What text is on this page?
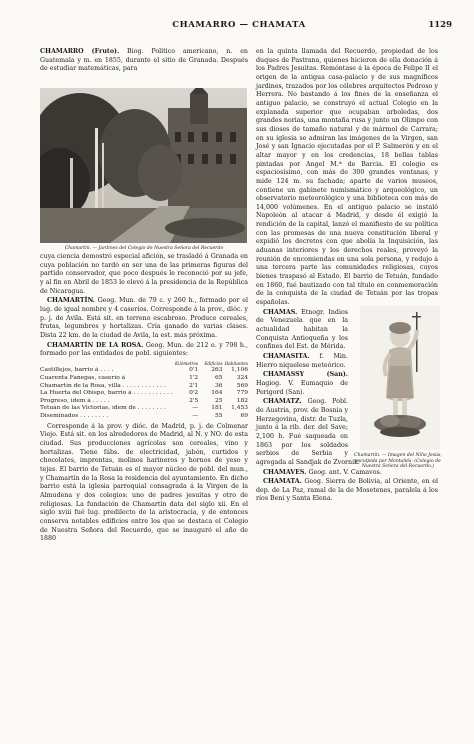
CHAMARRO — CHAMATA	1129

CHAMARRO (Fruto). Biog. Político americano, n. en Guatemala y m. en 1855, durante el sitio de Granada. Después de estudiar matemáticas, para

Chamartín. — Jardines del Colegio de Nuestra Señora del Recuerdo

cuya ciencia demostró especial afición, se trasladó á Granada en cuya población no tardó en ser una de las primeras figuras del partido conservador, que poco después le reconoció por su jefe, y al fin en Abril de 1853 le elevó á la presidencia de la República de Nicaragua.

CHAMARTÍN. Geog. Mun. de 79 c. y 260 h., formado por el lug. de igual nombre y 4 caseríos. Corresponde á la prov., dióc. y p. j. de Avila. Está sit. en terreno escabroso. Produce cereales, frutas, legumbres y hortalizas. Cría ganado de varias clases. Dista 22 km. de la ciudad de Avila, la est. más próxima.

CHAMARTÍN DE LA ROSA. Geog. Mun. de 212 e. y 798 h., formado por las entidades de pobl. siguientes:

	Kilómetros	Edificios	Habitantes
Castillejos, barrio á . . . .	0'1	263	1,106
Cuarenta Fanegas, caserío á	1'2	65	324
Chamartín de la Rosa, villa . . . . . . . . . . . .	2'1	36	569
La Huerta del Obispo, barrio á . . . . . . . . . . .	0'2	164	779
Progreso, ídem á . . . . .	2'5	25	182
Tetuán de las Victorias, ídem de . . . . . . . .	—	181	1,453
Diseminados . . . . . . . .	—	55	69

Corresponde á la prov. y dióc. de Madrid, p. j. de Colmenar Viejo. Está sit. en los alrededores de Madrid, al N. y NO. de esta ciudad. Sus producciones agrícolas son cereales, vino y hortalizas. Tiene fábs. de electricidad, jabón, curtidos y chocolates, imprentas, molinos harineros y hornos de yeso y tejas. El barrio de Tetuán es el mayor núcleo de pobl. del mun., y Chamartín de la Rosa la residencia del ayuntamiento. En dicho barrio está la iglesia parroquial consagrada á la Virgen de la Almudena y dos colegios: uno de padres jesuitas y otro de religiosas. La fundación de Chamartín data del siglo xii. En el siglo xviii fué lug. predilecto de la aristocracia, y de entonces conserva notables edificios entre los que se destaca el Colegio de Nuestra Señora del Recuerdo, que se inauguró el año de 1880

en la quinta llamada del Recuerdo, propiedad de los duques de Pastrana, quienes hicieron de ella donación á los Padres Jesuitas. Remóntase á la época de Felipe II el origen de la antigua casa-palacio y de sus magníficos jardines, trazados por los célebres arquitectos Pedroso y Herrera. No bastando á los fines de la enseñanza el antiguo palacio, se construyó el actual Colegio en la explanada superior que ocupaban arboledas, dos grandes norias, una montaña rusa y junto un Olimpo con sus dioses de tamaño natural y de mármol de Carrara; en su iglesia se admiran las imágenes de la Virgen, san José y san Ignacio ejecutadas por el P. Salmerón y en el altar mayor y en los credencias, 18 bellas tablas pintadas por Angel M.ª de Barcia. El colegio es espaciosísimo, con más de 300 grandes ventanas, y mide 124 m. su fachada; aparte de varios museos, contiene un gabinete numismático y arqueológico, un observatorio meteorológico y una biblioteca con más de 14,000 volúmenes. En el antiguo palacio se instaló Napoleón al atacar á Madrid, y desde él exigió la rendición de la capital, lanzó el manifiesto de su política con las promesas de una nueva constitución liberal y expidió los decretos con que abolía la Inquisición, las aduanas interiores y los derechos reales, proveyó la reunión de encomiendas en una sola persona, y redujo á una tercera parte las comunidades religiosas, cuyos bienes traspasó al Estado. El barrio de Tetuán, fundado en 1860, fué bautizado con tal título en conmemoración de la conquista de la ciudad de Tetuán por las tropas españolas.

CHAMAS. Etnogr. Indios de Venezuela que en la actualidad habitan la Conquista Antioqueña y los confines del Est. de Mérida.

CHAMASITA. f. Min. Hierro niquelese meteórico.

CHAMASSY (San). Hagiog. V. Eumaquio de Perigord (San).

CHAMATZ. Geog. Pobl. de Austria, prov. de Bosnia y Herzegovina, distr. de Tuzla, junto á la rib. der. del Save; 2,100 h. Fué saqueada en 1863 por los soldados serbios de Serbia y agregada al Sandjak de Zvornik.

CHAMAVES. Geog. ant. V. Camavos.

CHAMATA. Geog. Sierra de Bolivia, al Oriente, en el dep. de La Paz, ramal de la de Mosetenes, paralela á los ríos Beni y Santa Elena.

Chamartín. — Imagen del Niño Jesús, esculpida por Montañés. (Colegio de Nuestra Señora del Recuerdo.)
